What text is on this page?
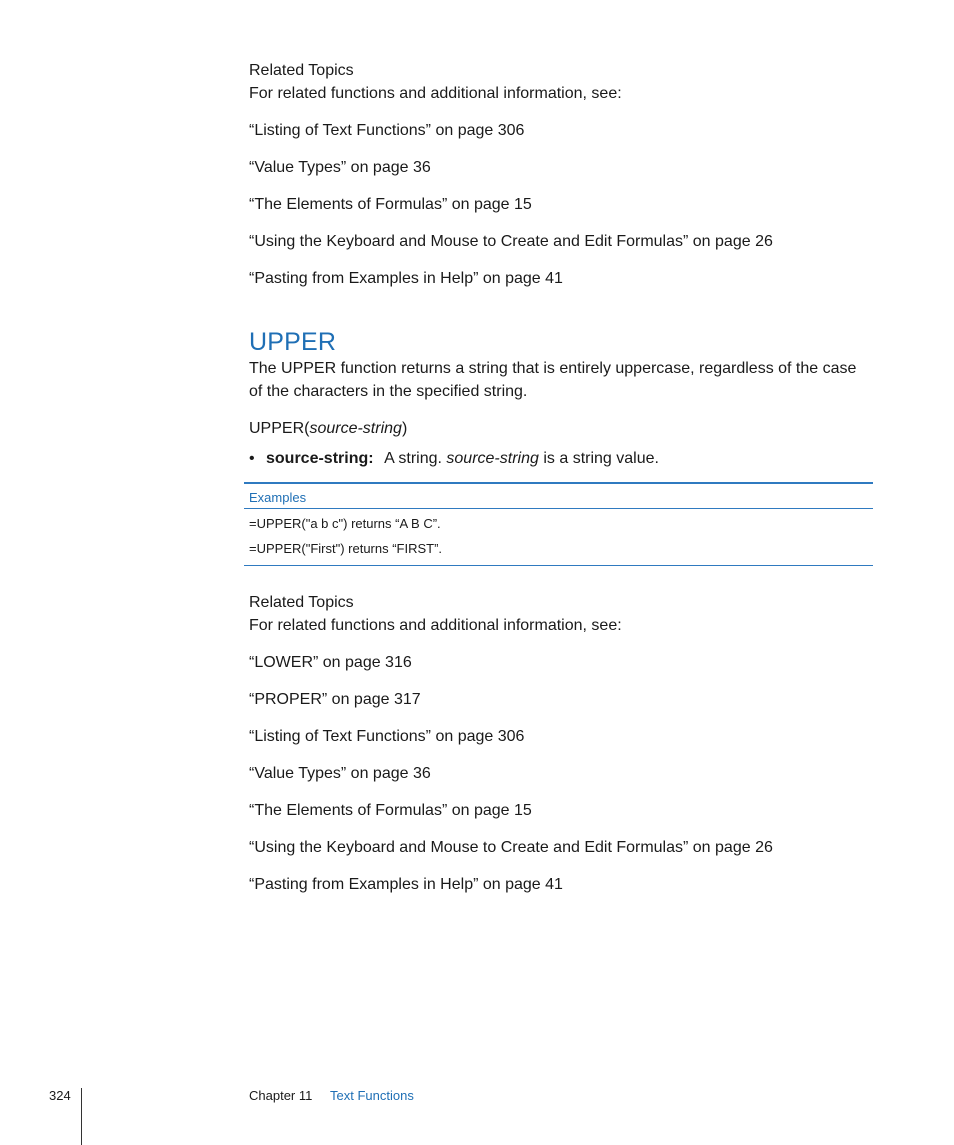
Related Topics
For related functions and additional information, see:
“Listing of Text Functions” on page 306
“Value Types” on page 36
“The Elements of Formulas” on page 15
“Using the Keyboard and Mouse to Create and Edit Formulas” on page 26
“Pasting from Examples in Help” on page 41
UPPER

The UPPER function returns a string that is entirely uppercase, regardless of the case of the characters in the specified string.

UPPER(source-string)
• source-string: A string. source-string is a string value.
Examples
=UPPER("a b c") returns “A B C”.
=UPPER("First") returns “FIRST”.
Related Topics
For related functions and additional information, see:
“LOWER” on page 316
“PROPER” on page 317
“Listing of Text Functions” on page 306
“Value Types” on page 36
“The Elements of Formulas” on page 15
“Using the Keyboard and Mouse to Create and Edit Formulas” on page 26
“Pasting from Examples in Help” on page 41
324	Chapter 11 Text Functions
